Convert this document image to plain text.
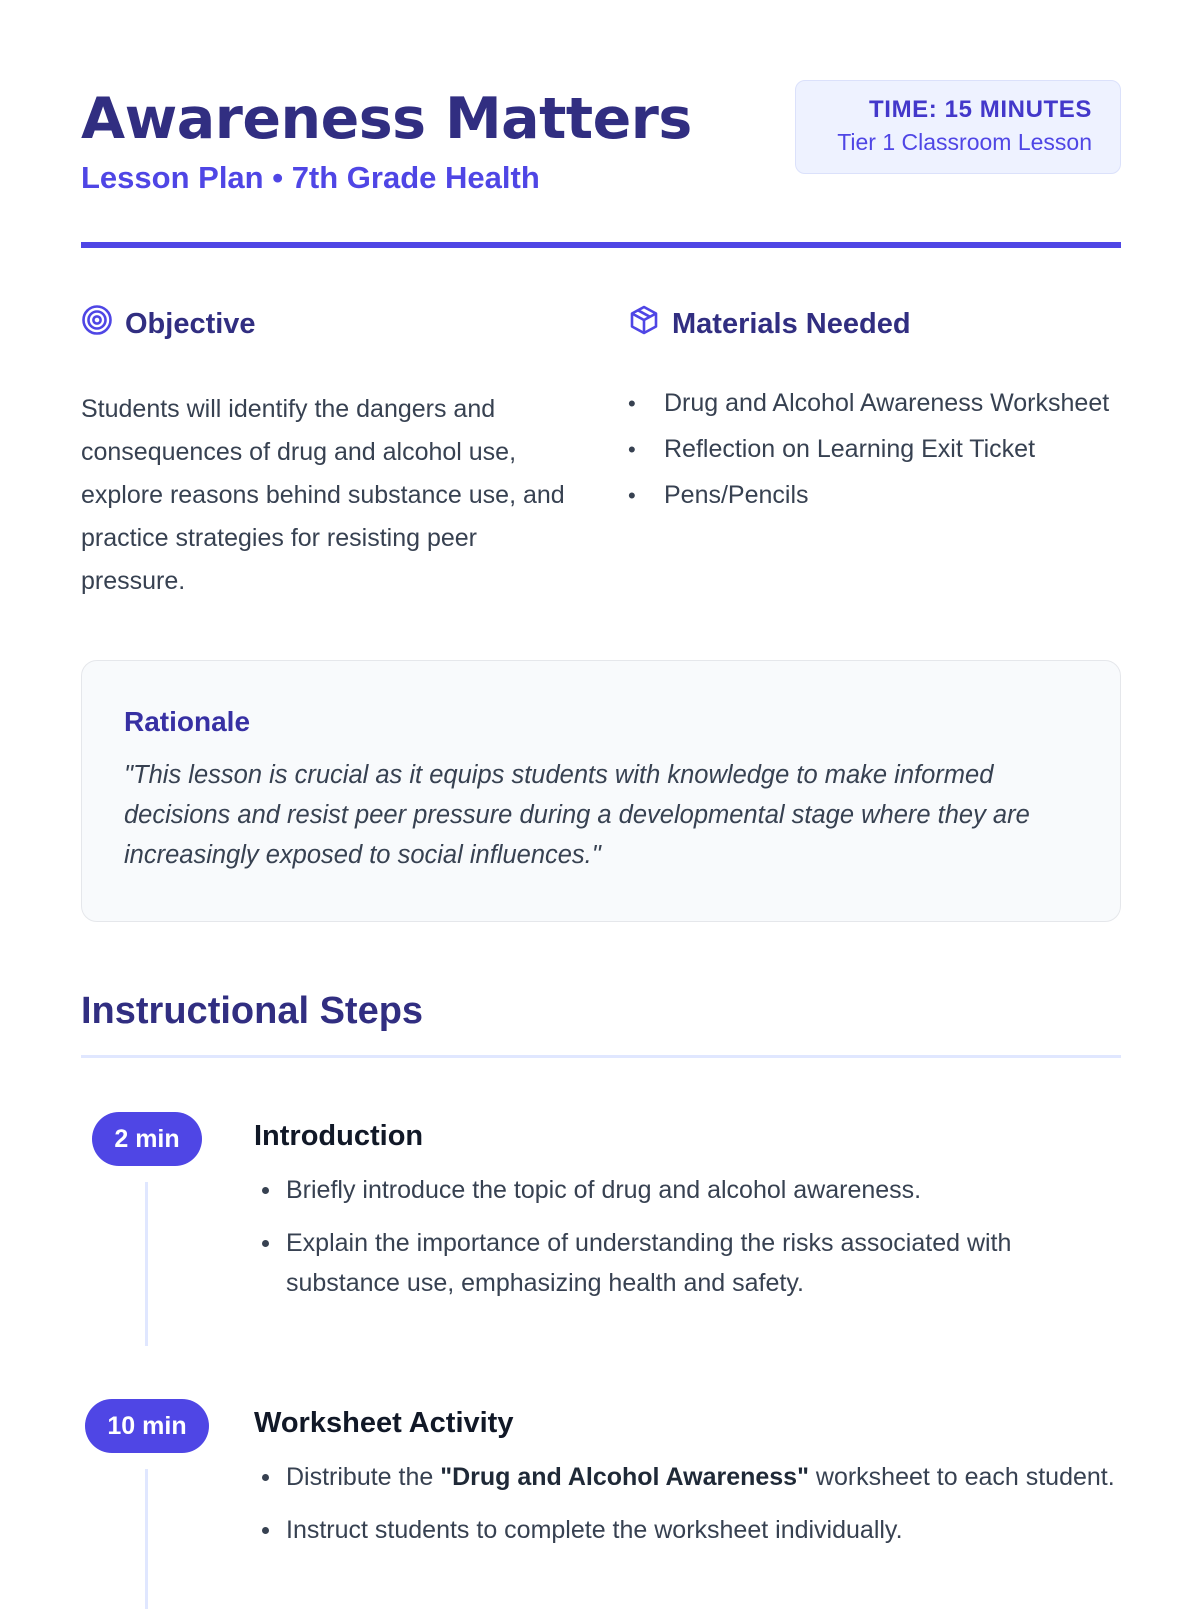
Awareness Matters
Lesson Plan • 7th Grade Health
TIME: 15 MINUTES
Tier 1 Classroom Lesson
Objective

Students will identify the dangers and consequences of drug and alcohol use, explore reasons behind substance use, and practice strategies for resisting peer pressure.

Materials Needed
• Drug and Alcohol Awareness Worksheet
• Reflection on Learning Exit Ticket
• Pens/Pencils
Rationale

"This lesson is crucial as it equips students with knowledge to make informed decisions and resist peer pressure during a developmental stage where they are increasingly exposed to social influences."

Instructional Steps
2 min	Introduction
Briefly introduce the topic of drug and alcohol awareness.
Explain the importance of understanding the risks associated with substance use, emphasizing health and safety.
10 min	Worksheet Activity
Distribute the "Drug and Alcohol Awareness" worksheet to each student.
Instruct students to complete the worksheet individually.
